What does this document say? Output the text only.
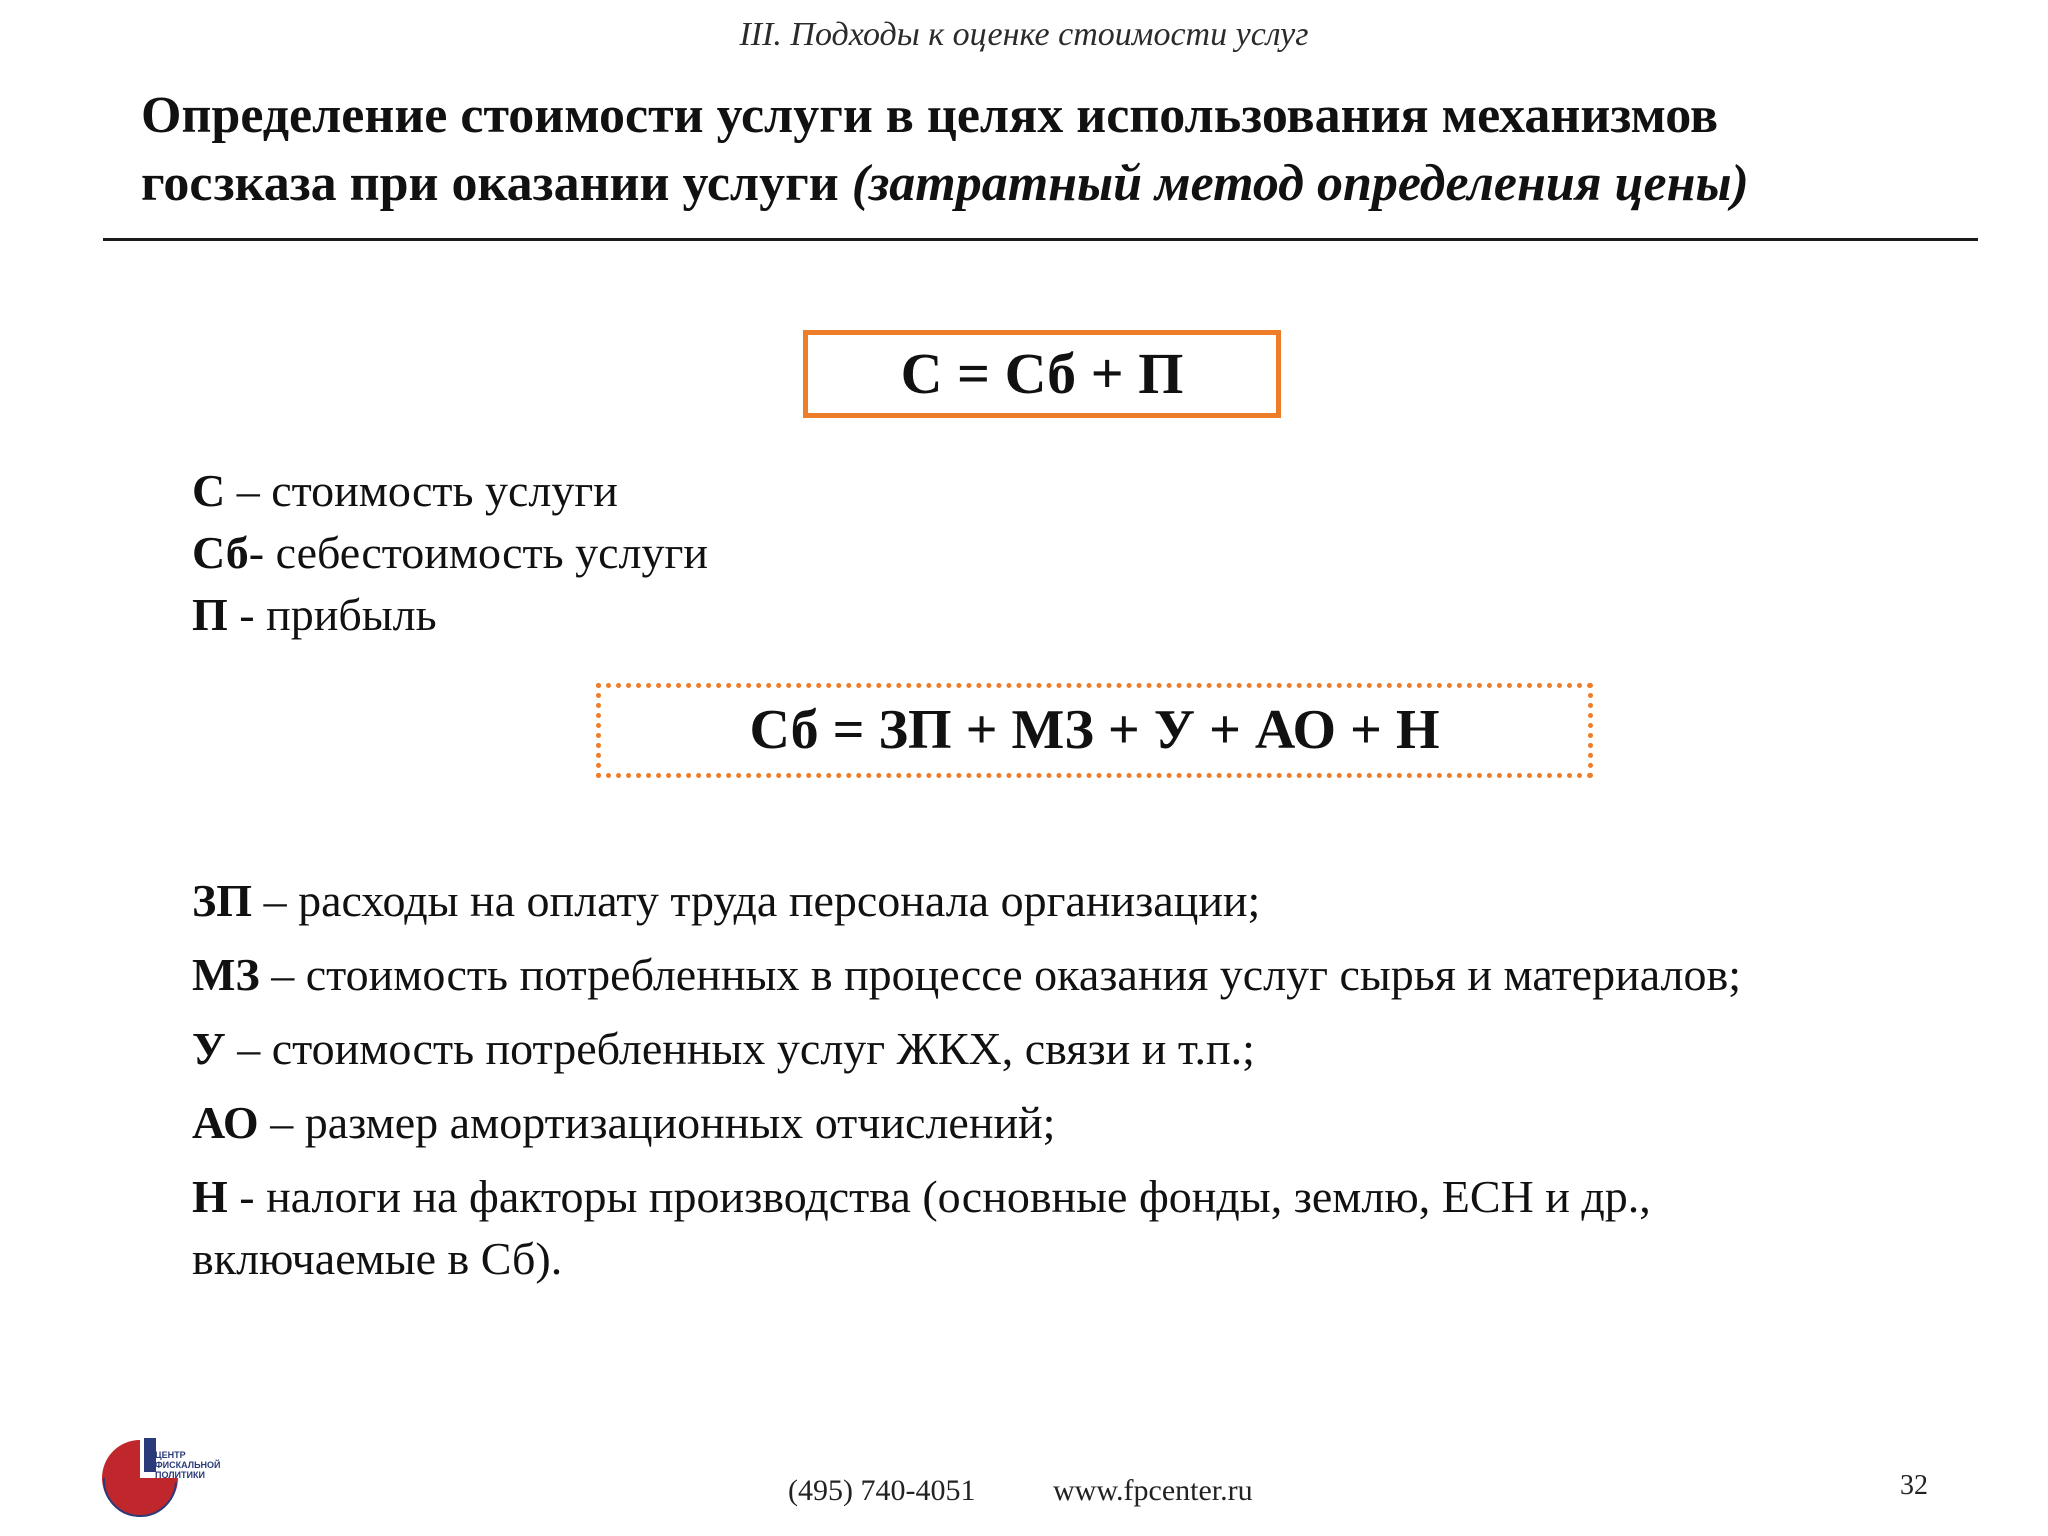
III. Подходы к оценке стоимости услуг
Определение стоимости услуги в целях использования механизмов
госзказа при оказании услуги (затратный метод определения цены)
С = Сб + П
С – стоимость услуги
Сб- себестоимость услуги
П - прибыль
Сб = ЗП + МЗ + У + АО + Н
ЗП – расходы на оплату труда персонала организации;
МЗ – стоимость потребленных в процессе оказания услуг сырья и материалов;
У – стоимость потребленных услуг ЖКХ, связи и т.п.;
АО – размер амортизационных отчислений;
Н - налоги на факторы производства (основные фонды, землю, ЕСН и др., включаемые в Сб).
ЦЕНТР
ФИСКАЛЬНОЙ
ПОЛИТИКИ	(495) 740-4051	www.fpcenter.ru	32
